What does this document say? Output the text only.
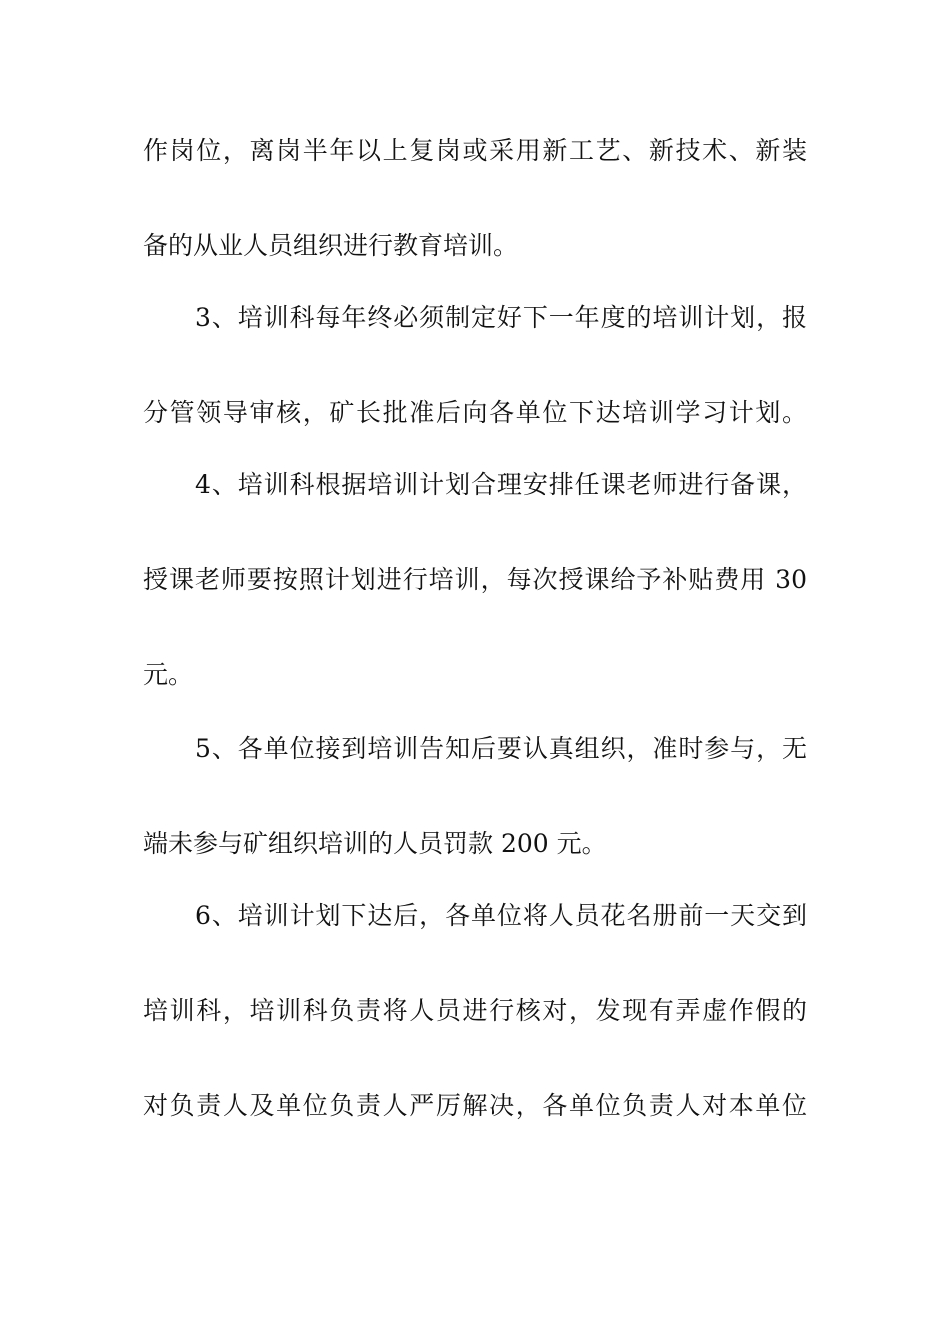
作岗位，离岗半年以上复岗或采用新工艺、新技术、新装
备的从业人员组织进行教育培训。
3、培训科每年终必须制定好下一年度的培训计划，报
分管领导审核，矿长批准后向各单位下达培训学习计划。
4、培训科根据培训计划合理安排任课老师进行备课，
授课老师要按照计划进行培训，每次授课给予补贴费用 30
元。
5、各单位接到培训告知后要认真组织，准时参与，无
端未参与矿组织培训的人员罚款 200 元。
6、培训计划下达后，各单位将人员花名册前一天交到
培训科，培训科负责将人员进行核对，发现有弄虚作假的
对负责人及单位负责人严厉解决，各单位负责人对本单位
